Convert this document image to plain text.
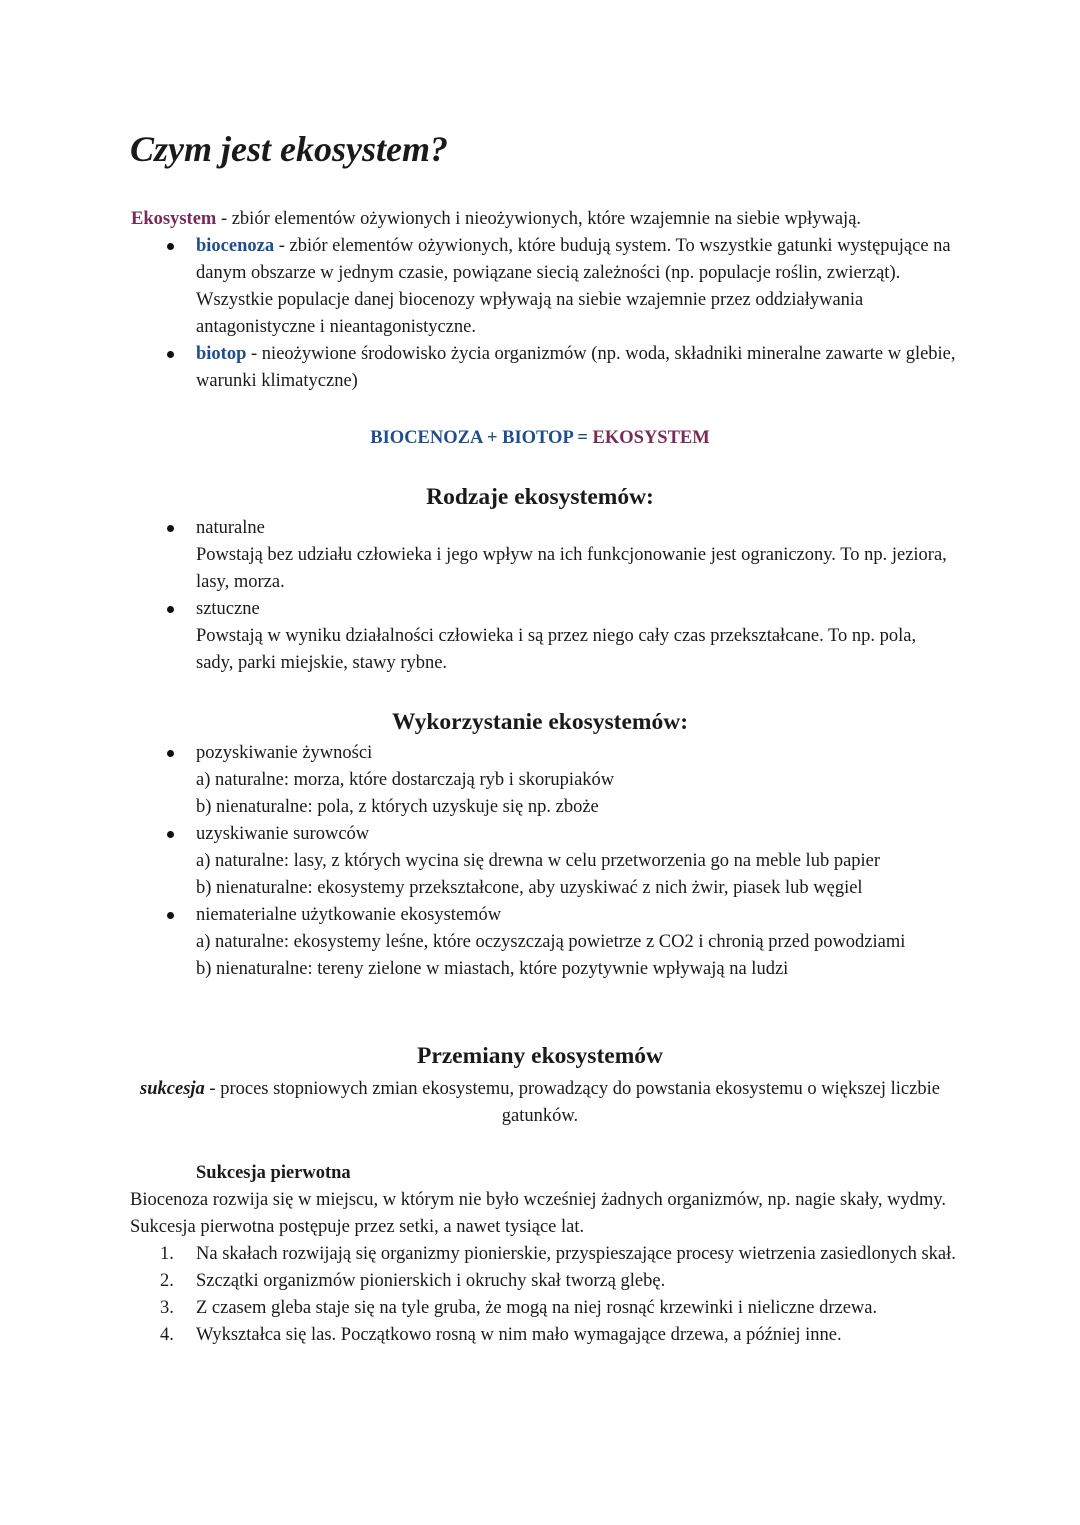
Czym jest ekosystem?
Ekosystem - zbiór elementów ożywionych i nieożywionych, które wzajemnie na siebie wpływają.
biocenoza - zbiór elementów ożywionych, które budują system. To wszystkie gatunki występujące na danym obszarze w jednym czasie, powiązane siecią zależności (np. populacje roślin, zwierząt). Wszystkie populacje danej biocenozy wpływają na siebie wzajemnie przez oddziaływania antagonistyczne i nieantagonistyczne.
biotop - nieożywione środowisko życia organizmów (np. woda, składniki mineralne zawarte w glebie, warunki klimatyczne)
BIOCENOZA + BIOTOP = EKOSYSTEM
Rodzaje ekosystemów:
naturalne
Powstają bez udziału człowieka i jego wpływ na ich funkcjonowanie jest ograniczony. To np. jeziora, lasy, morza.
sztuczne
Powstają w wyniku działalności człowieka i są przez niego cały czas przekształcane. To np. pola, sady, parki miejskie, stawy rybne.
Wykorzystanie ekosystemów:
pozyskiwanie żywności
a) naturalne: morza, które dostarczają ryb i skorupiaków
b) nienaturalne: pola, z których uzyskuje się np. zboże
uzyskiwanie surowców
a) naturalne: lasy, z których wycina się drewna w celu przetworzenia go na meble lub papier
b) nienaturalne: ekosystemy przekształcone, aby uzyskiwać z nich żwir, piasek lub węgiel
niematerialne użytkowanie ekosystemów
a) naturalne: ekosystemy leśne, które oczyszczają powietrze z CO2 i chronią przed powodziami
b) nienaturalne: tereny zielone w miastach, które pozytywnie wpływają na ludzi
Przemiany ekosystemów
sukcesja - proces stopniowych zmian ekosystemu, prowadzący do powstania ekosystemu o większej liczbie gatunków.
Sukcesja pierwotna
Biocenoza rozwija się w miejscu, w którym nie było wcześniej żadnych organizmów, np. nagie skały, wydmy. Sukcesja pierwotna postępuje przez setki, a nawet tysiące lat.
1. Na skałach rozwijają się organizmy pionierskie, przyspieszające procesy wietrzenia zasiedlonych skał.
2. Szczątki organizmów pionierskich i okruchy skał tworzą glebę.
3. Z czasem gleba staje się na tyle gruba, że mogą na niej rosnąć krzewinki i nieliczne drzewa.
4. Wykształca się las. Początkowo rosną w nim mało wymagające drzewa, a później inne.
